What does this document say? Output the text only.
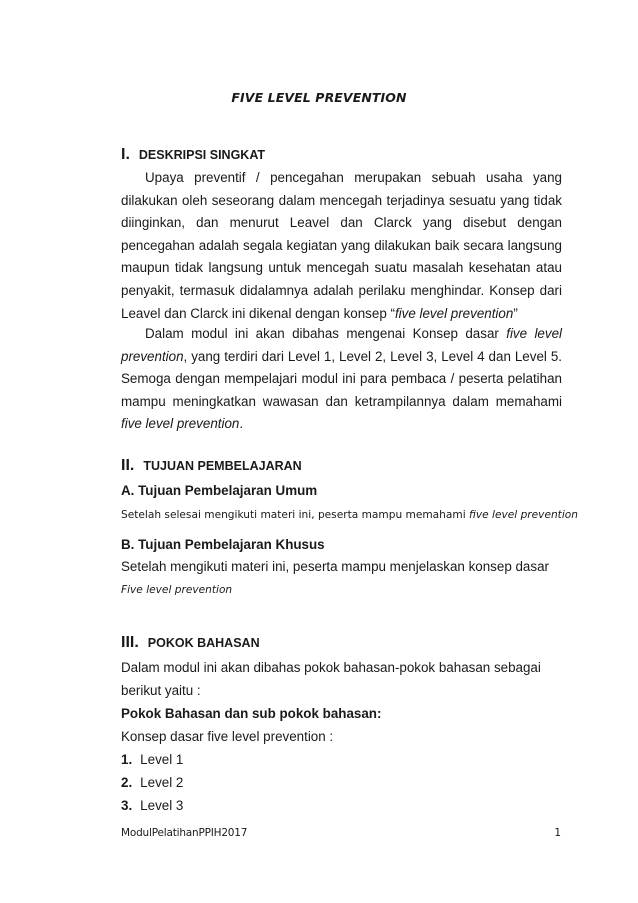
FIVE LEVEL PREVENTION
I. DESKRIPSI SINGKAT

Upaya preventif / pencegahan merupakan sebuah usaha yang dilakukan oleh seseorang dalam mencegah terjadinya sesuatu yang tidak diinginkan, dan menurut Leavel dan Clarck yang disebut dengan pencegahan adalah segala kegiatan yang dilakukan baik secara langsung maupun tidak langsung untuk mencegah suatu masalah kesehatan atau penyakit, termasuk didalamnya adalah perilaku menghindar. Konsep dari Leavel dan Clarck ini dikenal dengan konsep “five level prevention”

Dalam modul ini akan dibahas mengenai Konsep dasar five level prevention, yang terdiri dari Level 1, Level 2, Level 3, Level 4 dan Level 5. Semoga dengan mempelajari modul ini para pembaca / peserta pelatihan mampu meningkatkan wawasan dan ketrampilannya dalam memahami five level prevention.

II. TUJUAN PEMBELAJARAN
A. Tujuan Pembelajaran Umum
Setelah selesai mengikuti materi ini, peserta mampu memahami five level prevention
B. Tujuan Pembelajaran Khusus
Setelah mengikuti materi ini, peserta mampu menjelaskan konsep dasar
Five level prevention
III. POKOK BAHASAN
Dalam modul ini akan dibahas pokok bahasan-pokok bahasan sebagai
berikut yaitu :
Pokok Bahasan dan sub pokok bahasan:
Konsep dasar five level prevention :
1. Level 1
2. Level 2
3. Level 3
ModulPelatihanPPIH2017	1
